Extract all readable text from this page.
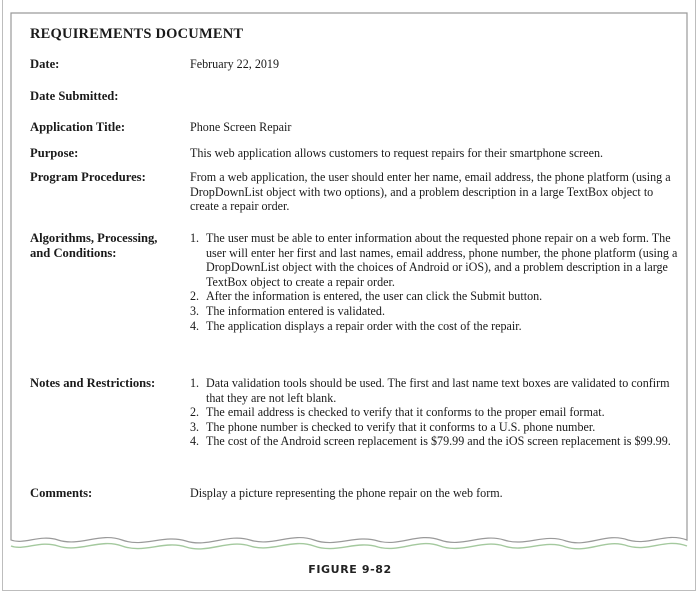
REQUIREMENTS DOCUMENT
Date:	February 22, 2019
Date Submitted:
Application Title:	Phone Screen Repair
Purpose:	This web application allows customers to request repairs for their smartphone screen.
Program Procedures:	From a web application, the user should enter her name, email address, the phone platform (using a DropDownList object with two options), and a problem description in a large TextBox object to create a repair order.
Algorithms, Processing,
and Conditions:
1. The user must be able to enter information about the requested phone repair on a web form. The user will enter her first and last names, email address, phone number, the phone platform (using a DropDownList object with the choices of Android or iOS), and a problem description in a large TextBox object to create a repair order.
2. After the information is entered, the user can click the Submit button.
3. The information entered is validated.
4. The application displays a repair order with the cost of the repair.
Notes and Restrictions:	1. Data validation tools should be used. The first and last name text boxes are validated to confirm that they are not left blank.
2. The email address is checked to verify that it conforms to the proper email format.
3. The phone number is checked to verify that it conforms to a U.S. phone number.
4. The cost of the Android screen replacement is $79.99 and the iOS screen replacement is $99.99.
Comments:	Display a picture representing the phone repair on the web form.
FIGURE 9-82
